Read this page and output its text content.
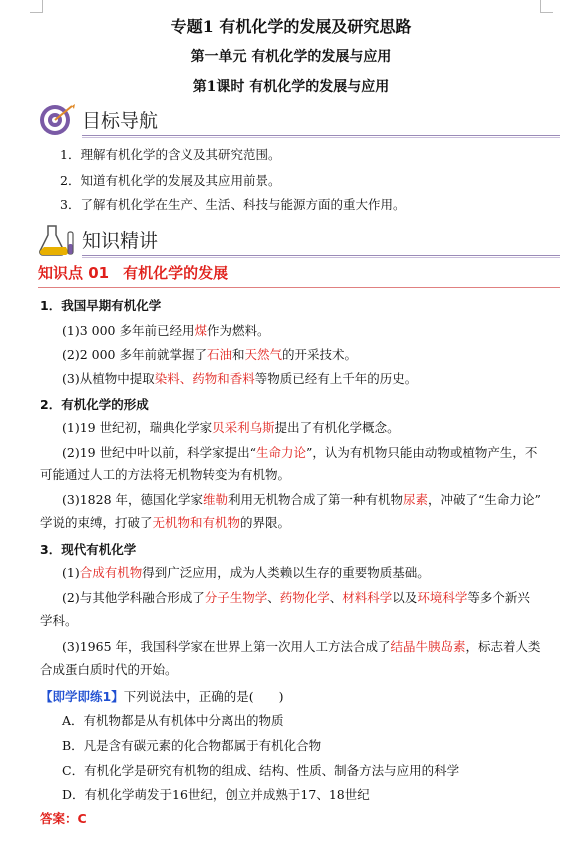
专题1 有机化学的发展及研究思路
第一单元 有机化学的发展与应用
第1课时 有机化学的发展与应用
目标导航
1．理解有机化学的含义及其研究范围。
2．知道有机化学的发展及其应用前景。
3．了解有机化学在生产、生活、科技与能源方面的重大作用。
知识精讲
知识点 01 有机化学的发展
1．我国早期有机化学
(1)3 000 多年前已经用煤作为燃料。
(2)2 000 多年前就掌握了石油和天然气的开采技术。
(3)从植物中提取染料、药物和香料等物质已经有上千年的历史。
2．有机化学的形成
(1)19 世纪初，瑞典化学家贝采利乌斯提出了有机化学概念。
(2)19 世纪中叶以前，科学家提出“生命力论”，认为有机物只能由动物或植物产生，不
可能通过人工的方法将无机物转变为有机物。
(3)1828 年，德国化学家维勒利用无机物合成了第一种有机物尿素，冲破了“生命力论”
学说的束缚，打破了无机物和有机物的界限。
3．现代有机化学
(1)合成有机物得到广泛应用，成为人类赖以生存的重要物质基础。
(2)与其他学科融合形成了分子生物学、药物化学、材料科学以及环境科学等多个新兴
学科。
(3)1965 年，我国科学家在世界上第一次用人工方法合成了结晶牛胰岛素，标志着人类
合成蛋白质时代的开始。
【即学即练1】下列说法中，正确的是(　　)
A．有机物都是从有机体中分离出的物质
B．凡是含有碳元素的化合物都属于有机化合物
C．有机化学是研究有机物的组成、结构、性质、制备方法与应用的科学
D．有机化学萌发于16世纪，创立并成熟于17、18世纪
答案：C
